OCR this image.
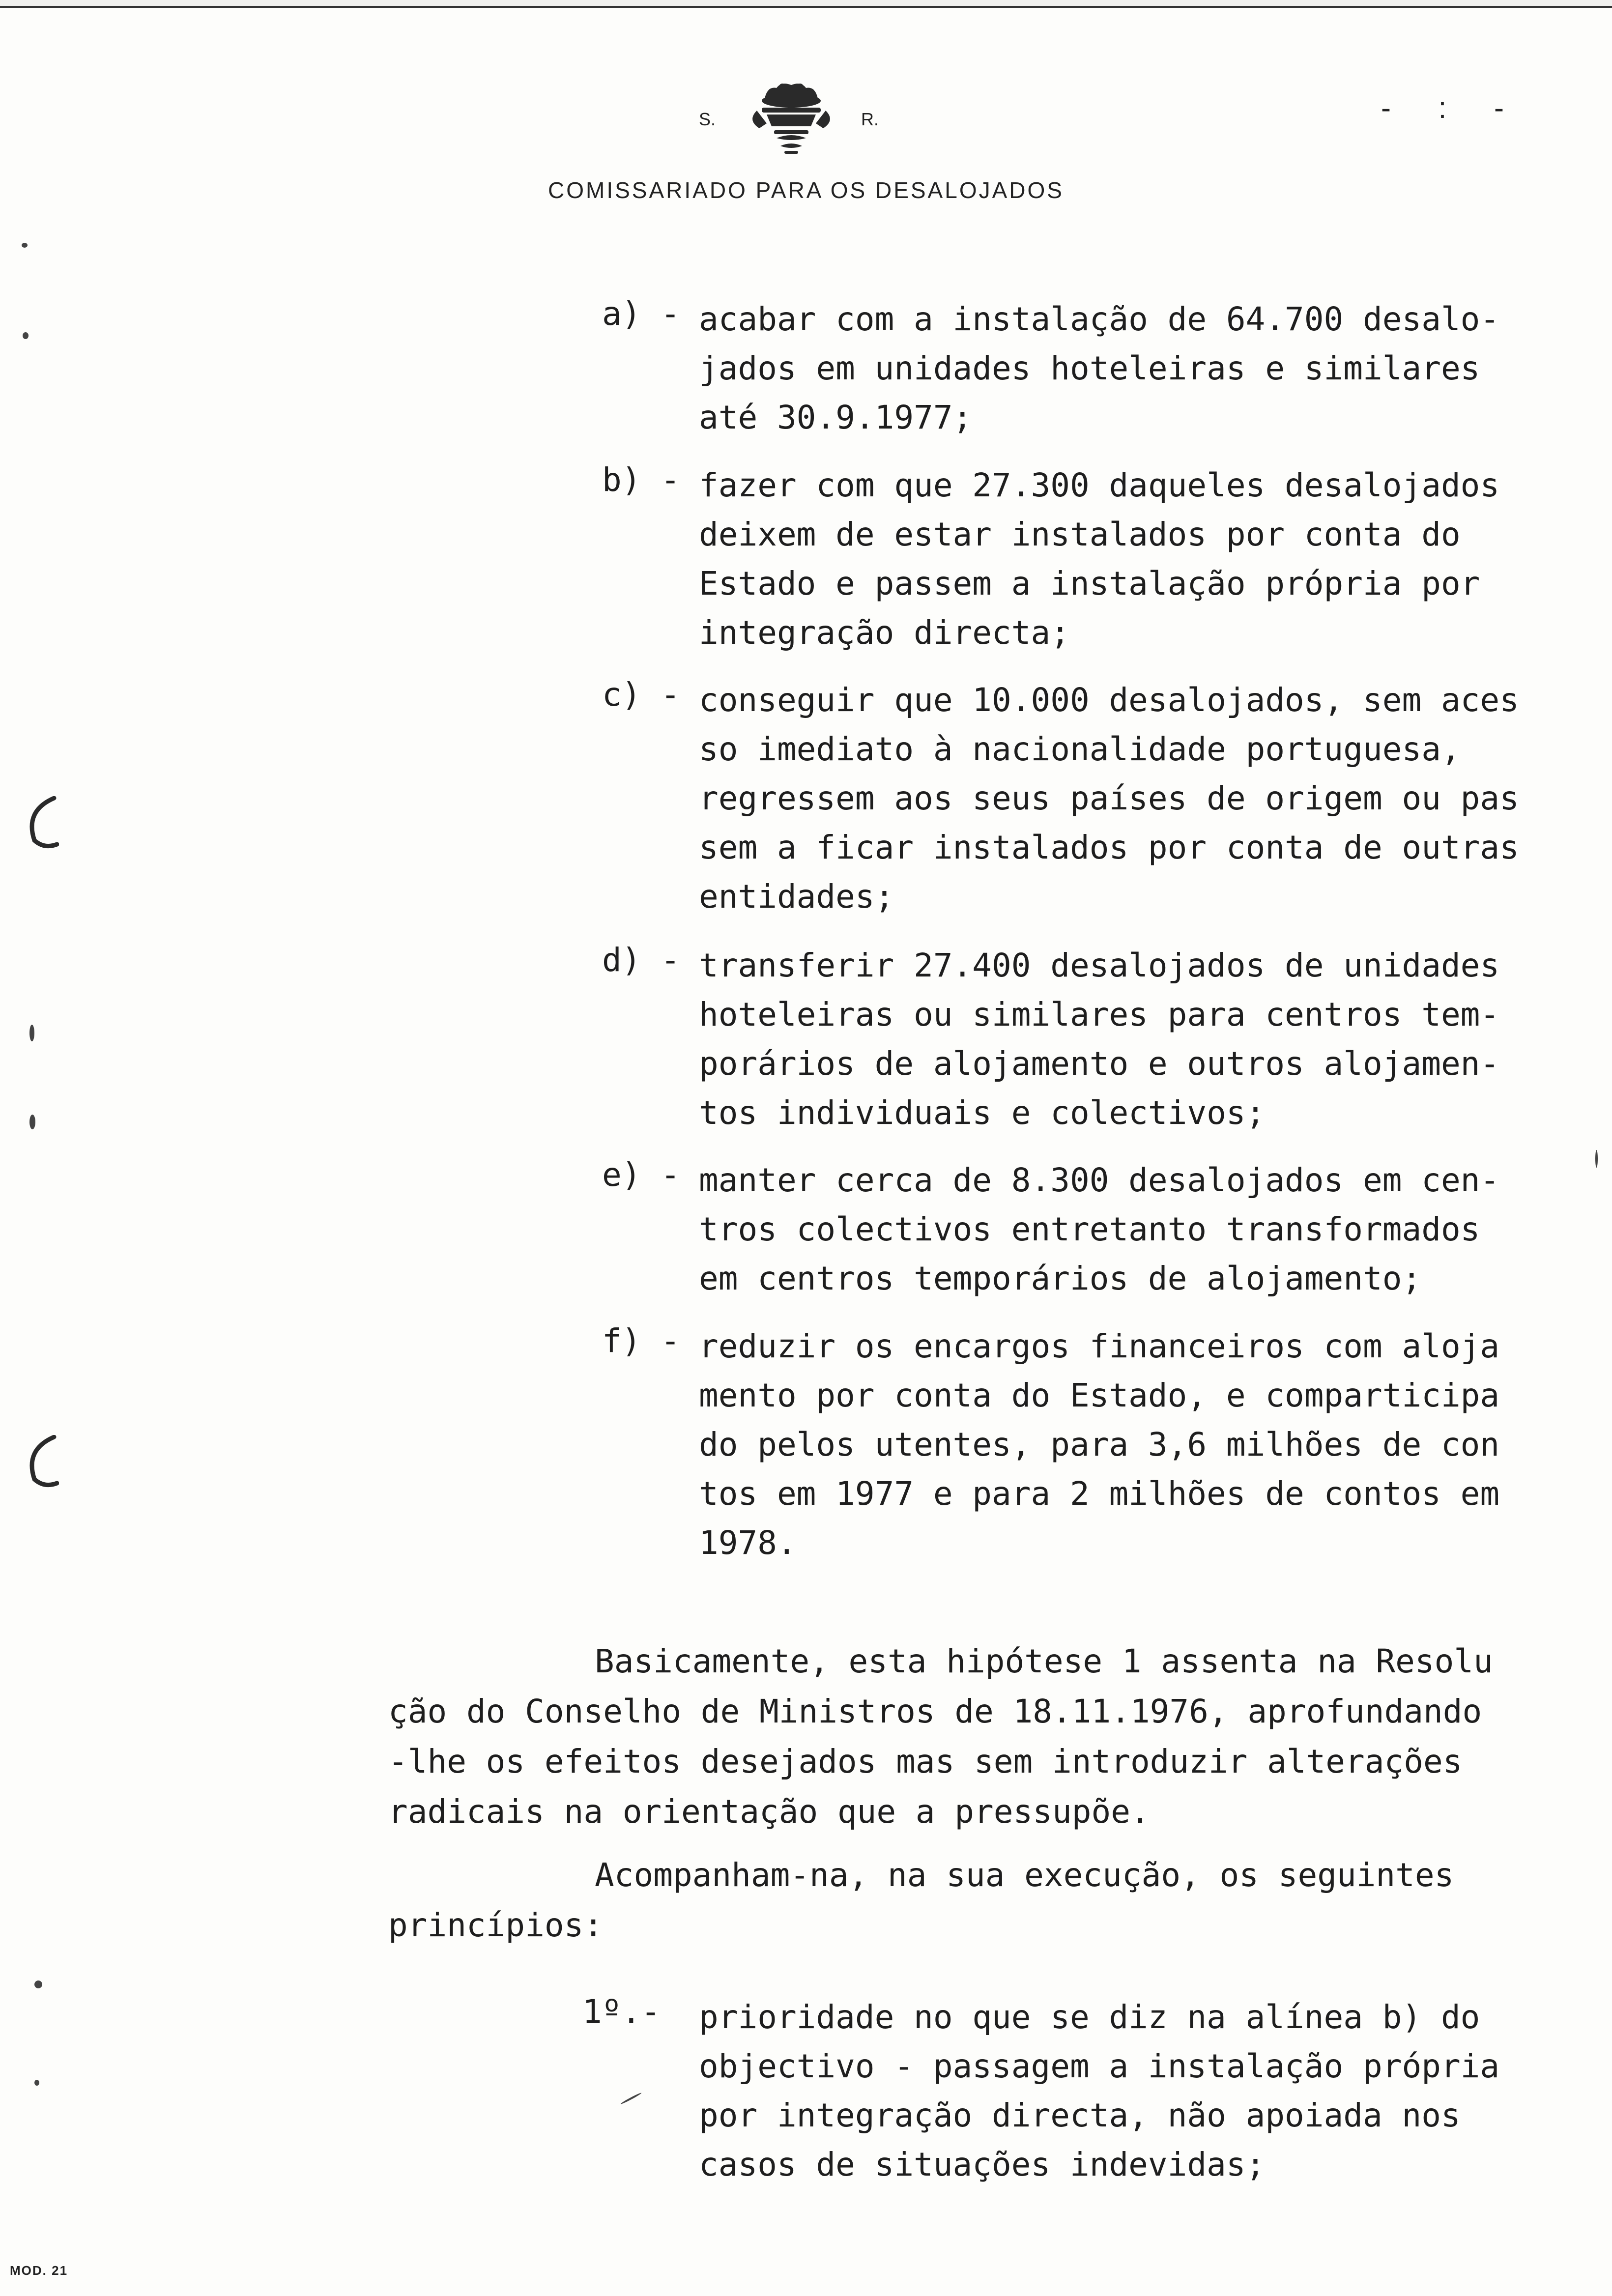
S.	R.	- : -
COMISSARIADO PARA OS DESALOJADOS
a) - acabar com a instalação de 64.700 desalo-
jados em unidades hoteleiras e similares
até 30.9.1977;
b) - fazer com que 27.300 daqueles desalojados
deixem de estar instalados por conta do
Estado e passem a instalação própria por
integração directa;
c) - conseguir que 10.000 desalojados, sem aces
so imediato à nacionalidade portuguesa,
regressem aos seus países de origem ou pas
sem a ficar instalados por conta de outras
entidades;
d) - transferir 27.400 desalojados de unidades
hoteleiras ou similares para centros tem-
porários de alojamento e outros alojamen-
tos individuais e colectivos;
e) - manter cerca de 8.300 desalojados em cen-
tros colectivos entretanto transformados
em centros temporários de alojamento;
f) - reduzir os encargos financeiros com aloja
mento por conta do Estado, e comparticipa
do pelos utentes, para 3,6 milhões de con
tos em 1977 e para 2 milhões de contos em
1978.
Basicamente, esta hipótese 1 assenta na Resolu
ção do Conselho de Ministros de 18.11.1976, aprofundando
-lhe os efeitos desejados mas sem introduzir alterações
radicais na orientação que a pressupõe.
Acompanham-na, na sua execução, os seguintes
princípios:
1º.- prioridade no que se diz na alínea b) do
objectivo - passagem a instalação própria
por integração directa, não apoiada nos
casos de situações indevidas;
MOD. 21
